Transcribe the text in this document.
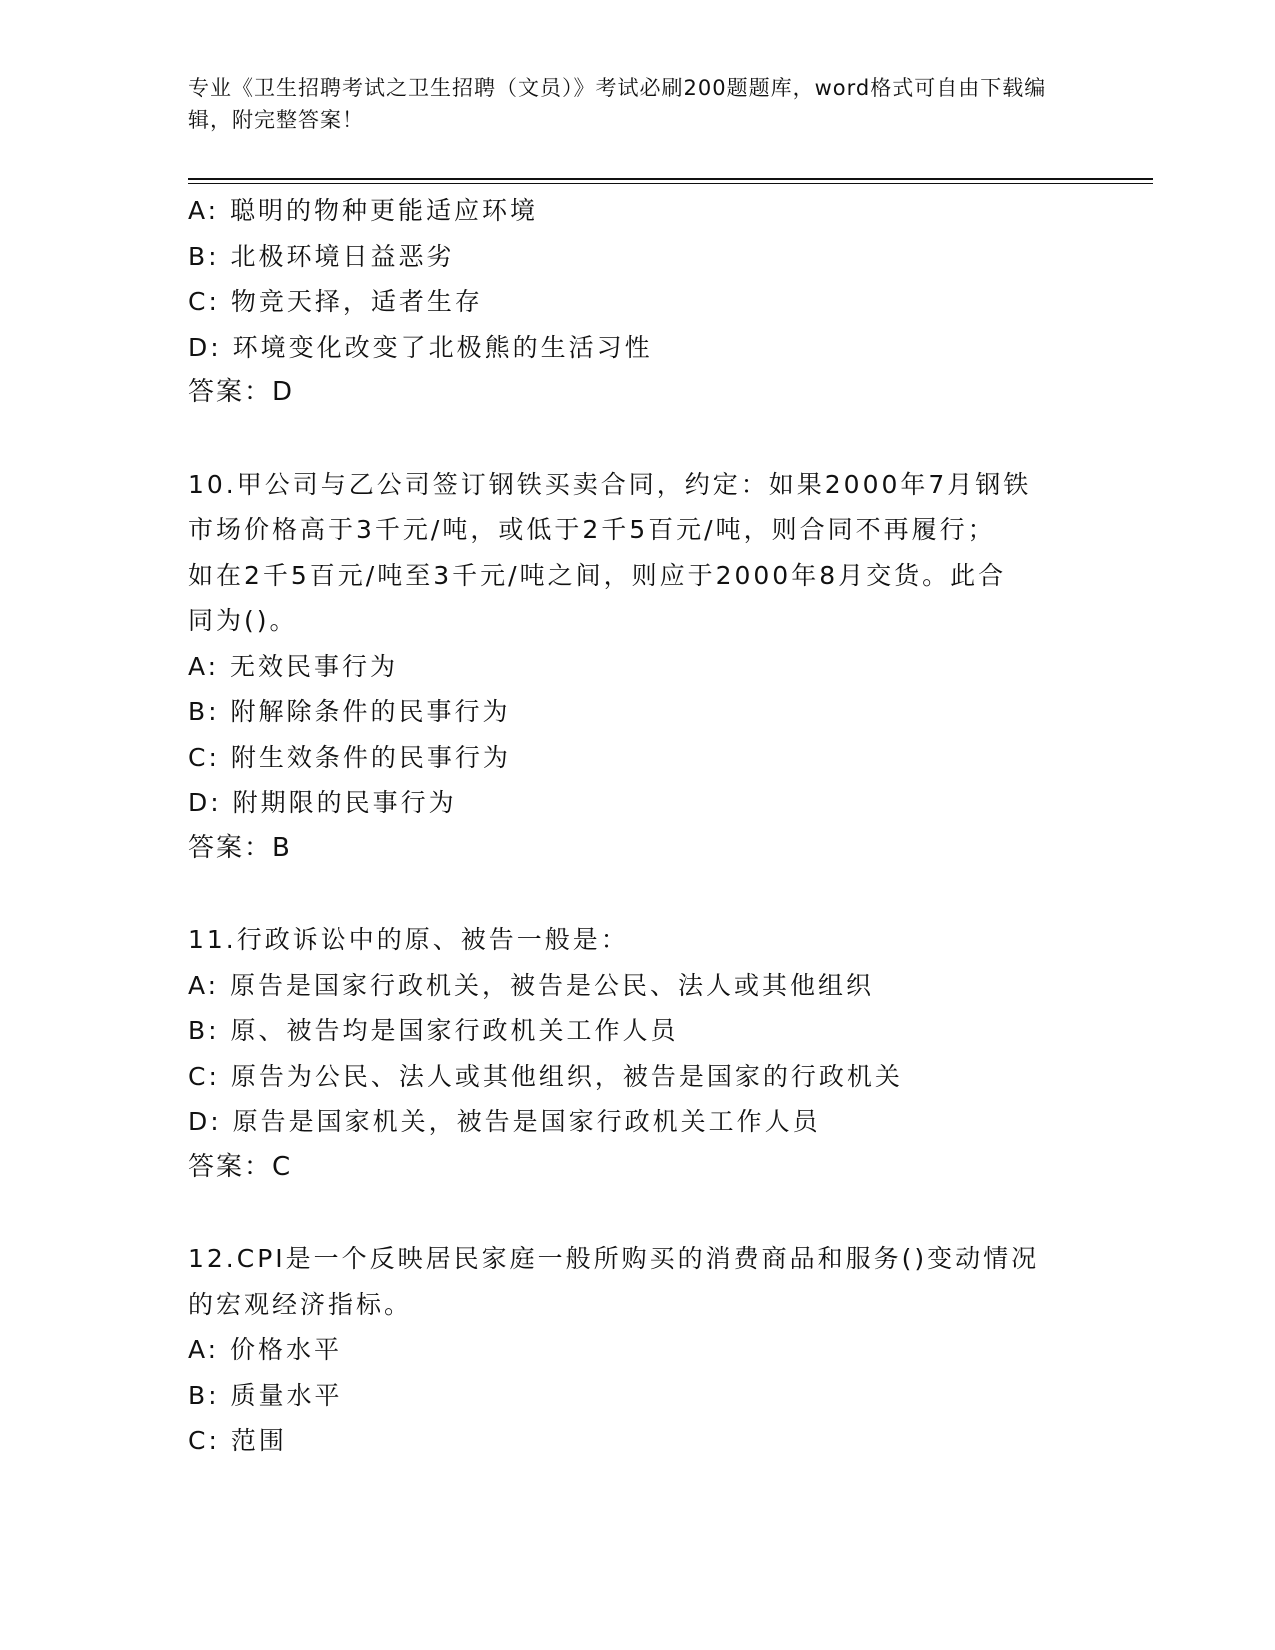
专业《卫生招聘考试之卫生招聘（文员）》考试必刷200题题库，word格式可自由下载编辑，附完整答案！
A: 聪明的物种更能适应环境
B: 北极环境日益恶劣
C: 物竞天择，适者生存
D: 环境变化改变了北极熊的生活习性
答案：D
10.甲公司与乙公司签订钢铁买卖合同，约定：如果2000年7月钢铁
市场价格高于3千元/吨，或低于2千5百元/吨，则合同不再履行；
如在2千5百元/吨至3千元/吨之间，则应于2000年8月交货。此合
同为()。
A: 无效民事行为
B: 附解除条件的民事行为
C: 附生效条件的民事行为
D: 附期限的民事行为
答案：B
11.行政诉讼中的原、被告一般是：
A: 原告是国家行政机关，被告是公民、法人或其他组织
B: 原、被告均是国家行政机关工作人员
C: 原告为公民、法人或其他组织，被告是国家的行政机关
D: 原告是国家机关，被告是国家行政机关工作人员
答案：C
12.CPI是一个反映居民家庭一般所购买的消费商品和服务()变动情况
的宏观经济指标。
A: 价格水平
B: 质量水平
C: 范围
